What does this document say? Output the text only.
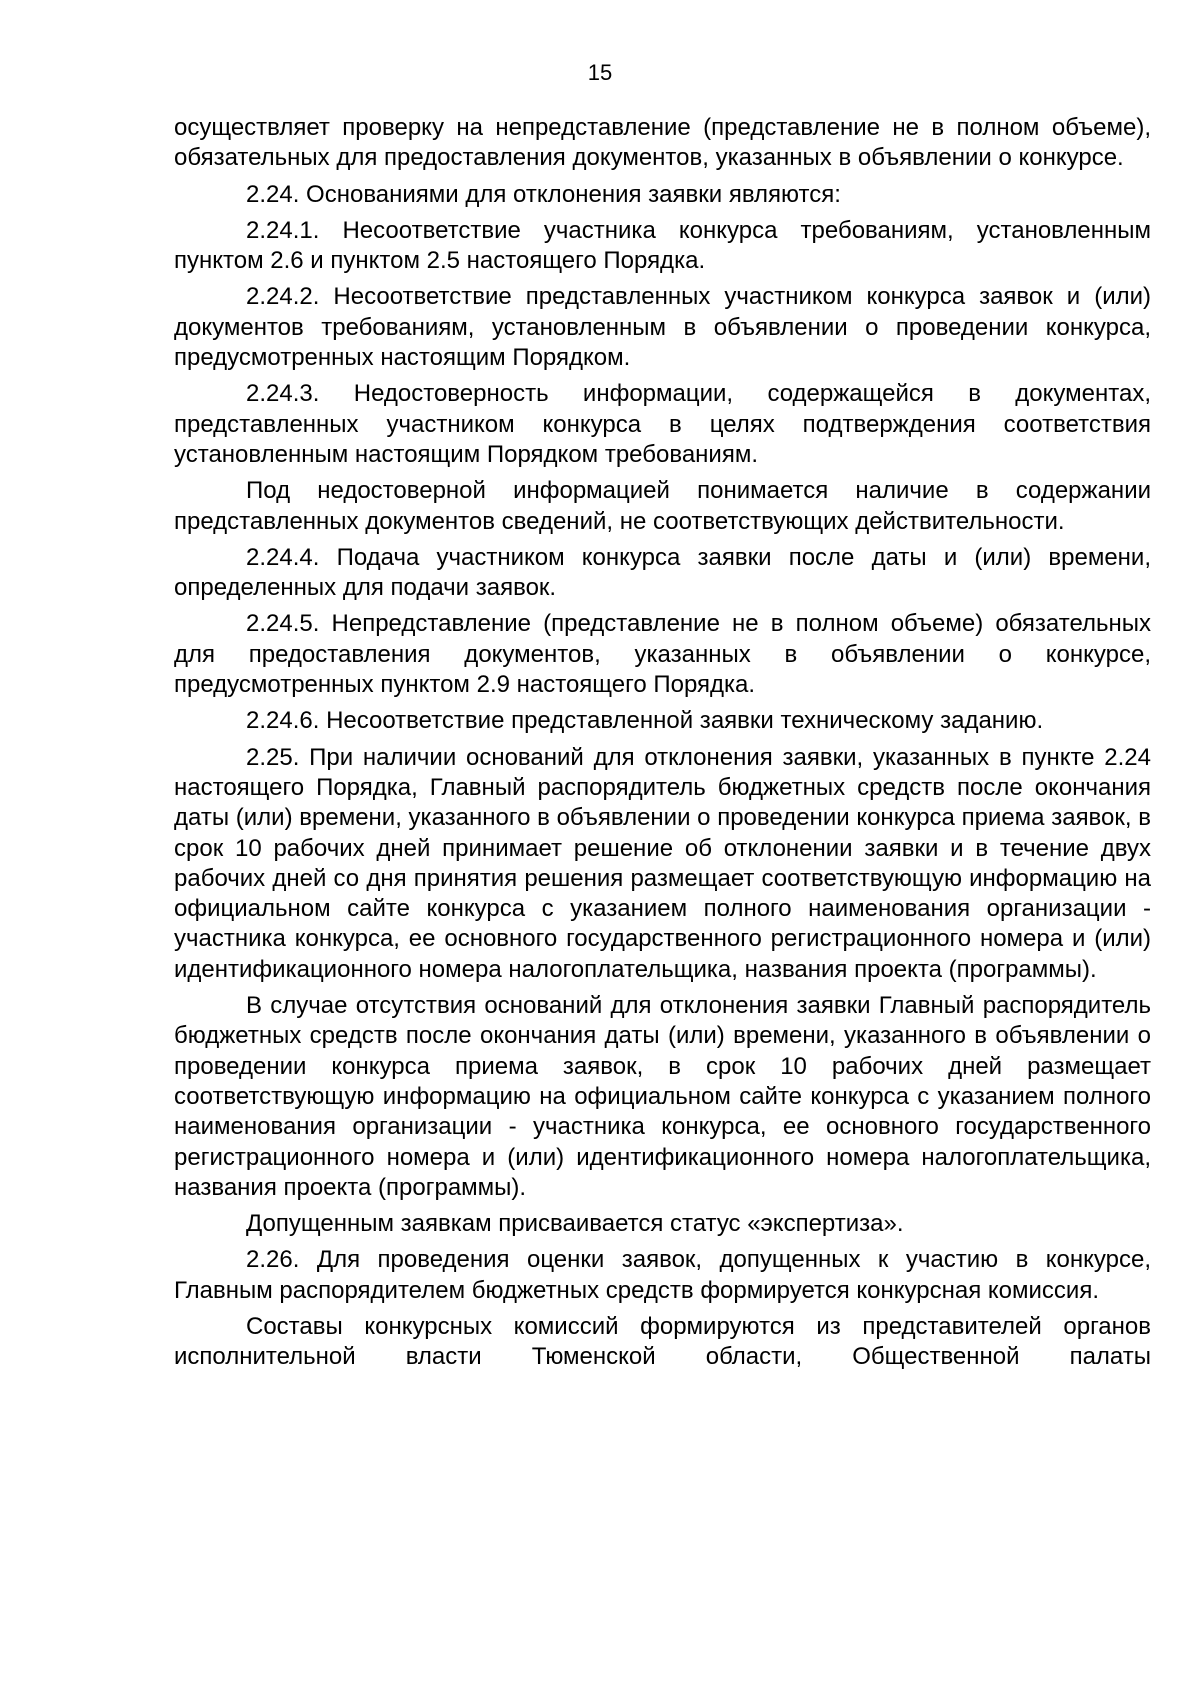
15

осуществляет проверку на непредставление (представление не в полном объеме), обязательных для предоставления документов, указанных в объявлении о конкурсе.

2.24. Основаниями для отклонения заявки являются:

2.24.1. Несоответствие участника конкурса требованиям, установленным пунктом 2.6 и пунктом 2.5 настоящего Порядка.

2.24.2. Несоответствие представленных участником конкурса заявок и (или) документов требованиям, установленным в объявлении о проведении конкурса, предусмотренных настоящим Порядком.

2.24.3. Недостоверность информации, содержащейся в документах, представленных участником конкурса в целях подтверждения соответствия установленным настоящим Порядком требованиям.

Под недостоверной информацией понимается наличие в содержании представленных документов сведений, не соответствующих действительности.

2.24.4. Подача участником конкурса заявки после даты и (или) времени, определенных для подачи заявок.

2.24.5. Непредставление (представление не в полном объеме) обязательных для предоставления документов, указанных в объявлении о конкурсе, предусмотренных пунктом 2.9 настоящего Порядка.

2.24.6. Несоответствие представленной заявки техническому заданию.

2.25. При наличии оснований для отклонения заявки, указанных в пункте 2.24 настоящего Порядка, Главный распорядитель бюджетных средств после окончания даты (или) времени, указанного в объявлении о проведении конкурса приема заявок, в срок 10 рабочих дней принимает решение об отклонении заявки и в течение двух рабочих дней со дня принятия решения размещает соответствующую информацию на официальном сайте конкурса с указанием полного наименования организации - участника конкурса, ее основного государственного регистрационного номера и (или) идентификационного номера налогоплательщика, названия проекта (программы).

В случае отсутствия оснований для отклонения заявки Главный распорядитель бюджетных средств после окончания даты (или) времени, указанного в объявлении о проведении конкурса приема заявок, в срок 10 рабочих дней размещает соответствующую информацию на официальном сайте конкурса с указанием полного наименования организации - участника конкурса, ее основного государственного регистрационного номера и (или) идентификационного номера налогоплательщика, названия проекта (программы).

Допущенным заявкам присваивается статус «экспертиза».

2.26. Для проведения оценки заявок, допущенных к участию в конкурсе, Главным распорядителем бюджетных средств формируется конкурсная комиссия.

Составы конкурсных комиссий формируются из представителей органов исполнительной власти Тюменской области, Общественной палаты
